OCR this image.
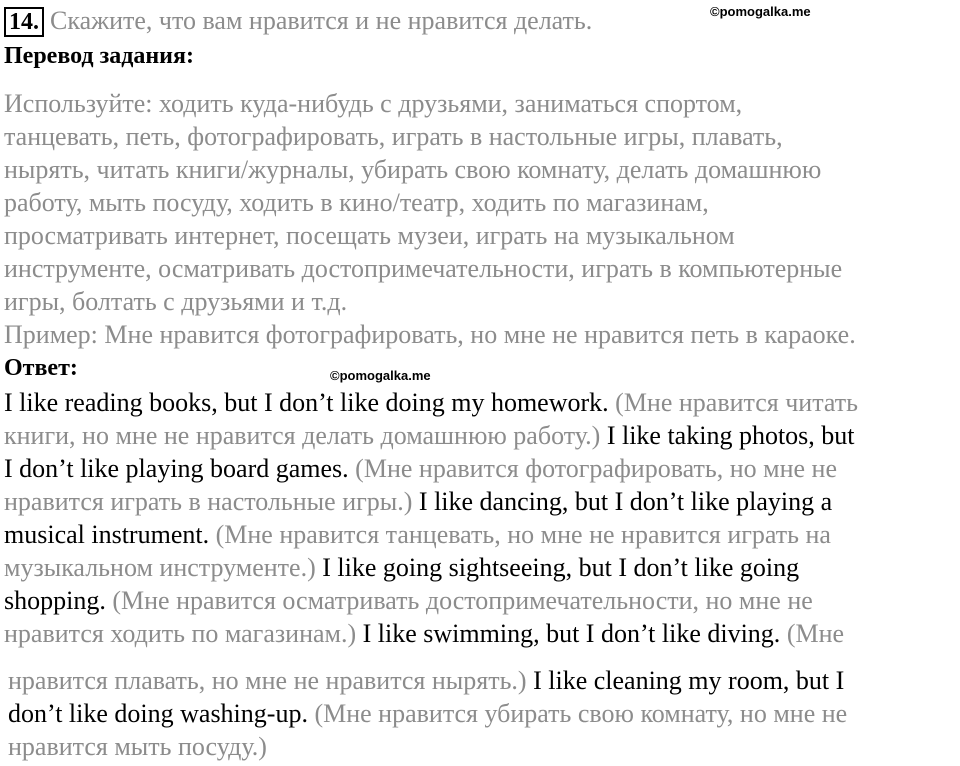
©pomogalka.me
©pomogalka.me
14. Скажите, что вам нравится и не нравится делать.
Перевод задания:
Используйте: ходить куда-нибудь с друзьями, заниматься спортом,
танцевать, петь, фотографировать, играть в настольные игры, плавать,
нырять, читать книги/журналы, убирать свою комнату, делать домашнюю
работу, мыть посуду, ходить в кино/театр, ходить по магазинам,
просматривать интернет, посещать музеи, играть на музыкальном
инструменте, осматривать достопримечательности, играть в компьютерные
игры, болтать с друзьями и т.д.
Пример: Мне нравится фотографировать, но мне не нравится петь в караоке.
Ответ:
I like reading books, but I don’t like doing my homework. (Мне нравится читать
книги, но мне не нравится делать домашнюю работу.) I like taking photos, but
I don’t like playing board games. (Мне нравится фотографировать, но мне не
нравится играть в настольные игры.) I like dancing, but I don’t like playing a
musical instrument. (Мне нравится танцевать, но мне не нравится играть на
музыкальном инструменте.) I like going sightseeing, but I don’t like going
shopping. (Мне нравится осматривать достопримечательности, но мне не
нравится ходить по магазинам.) I like swimming, but I don’t like diving. (Мне
нравится плавать, но мне не нравится нырять.) I like cleaning my room, but I
don’t like doing washing-up. (Мне нравится убирать свою комнату, но мне не
нравится мыть посуду.)
